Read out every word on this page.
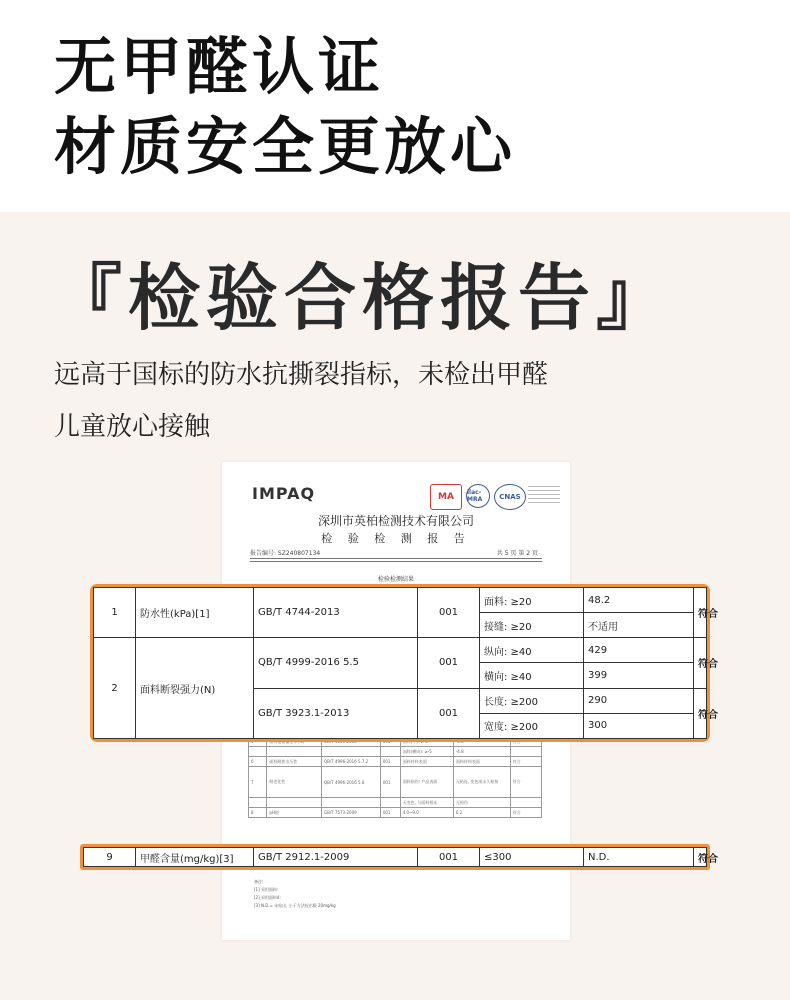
无甲醛认证
材质安全更放心
『检验合格报告』
远高于国标的防水抗撕裂指标，未检出甲醛
儿童放心接触
IMPAQ	MA	ilac-MRA	CNAS
深圳市英柏检测技术有限公司
检 验 检 测 报 告
报告编号: SZ240807134	共 5 页 第 2 页
检验检测结果

				面料(横向): ≥-5	-4.8	
6	面料耐热水压性	QB/T 4996-2016 5.7.2	001	面料材料表面	面料材料表面	符合
7	耐老化性	QB/T 4996-2016 5.8	001	面料损伤: 产品表面	无粘连, 变色或永久粘接	符合
				无变色, 与面料相连	无损伤	
8	pH值	GB/T 7573-2009	001	4.0~9.0	6.2	符合
备注:
[1] 采用面料:
[2] 采用面料4:
[3] N.D.= 未检出, 小于方法检出限 20mg/kg
1	防水性(kPa)[1]	GB/T 4744-2013	001	面料: ≥20	48.2	符合
				接缝: ≥20	不适用	
2	面料断裂强力(N)	QB/T 4999-2016 5.5	001	纵向: ≥40	429	符合
				横向: ≥40	399	
		GB/T 3923.1-2013	001	长度: ≥200	290	符合
				宽度: ≥200	300	
9	甲醛含量(mg/kg)[3]	GB/T 2912.1-2009	001	≤300	N.D.	符合
